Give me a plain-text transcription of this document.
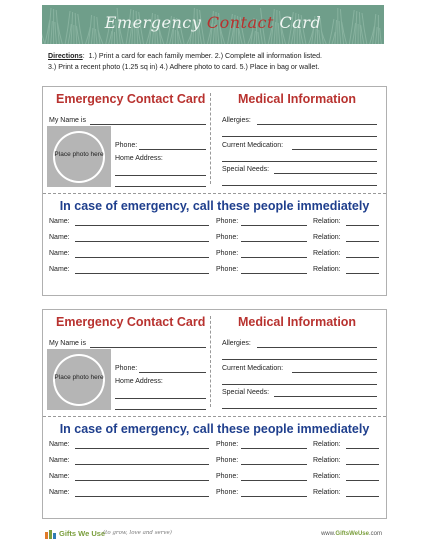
Emergency Contact Card
Directions:  1.) Print a card for each family member. 2.) Complete all information listed.
3.) Print a recent photo (1.25 sq in) 4.) Adhere photo to card. 5.) Place in bag or wallet.
Emergency Contact Card
My Name is
Place photo here
Phone:
Home Address:
Medical Information
Allergies:
Current Medication:
Special Needs:
In case of emergency, call these people immediately
Name:	Phone:	Relation:
Name:	Phone:	Relation:
Name:	Phone:	Relation:
Name:	Phone:	Relation:
Emergency Contact Card
My Name is
Place photo here
Phone:
Home Address:
Medical Information
Allergies:
Current Medication:
Special Needs:
In case of emergency, call these people immediately
Name:	Phone:	Relation:
Name:	Phone:	Relation:
Name:	Phone:	Relation:
Name:	Phone:	Relation:
Gifts We Use
(to grow, love and serve)	www.GiftsWeUse.com
